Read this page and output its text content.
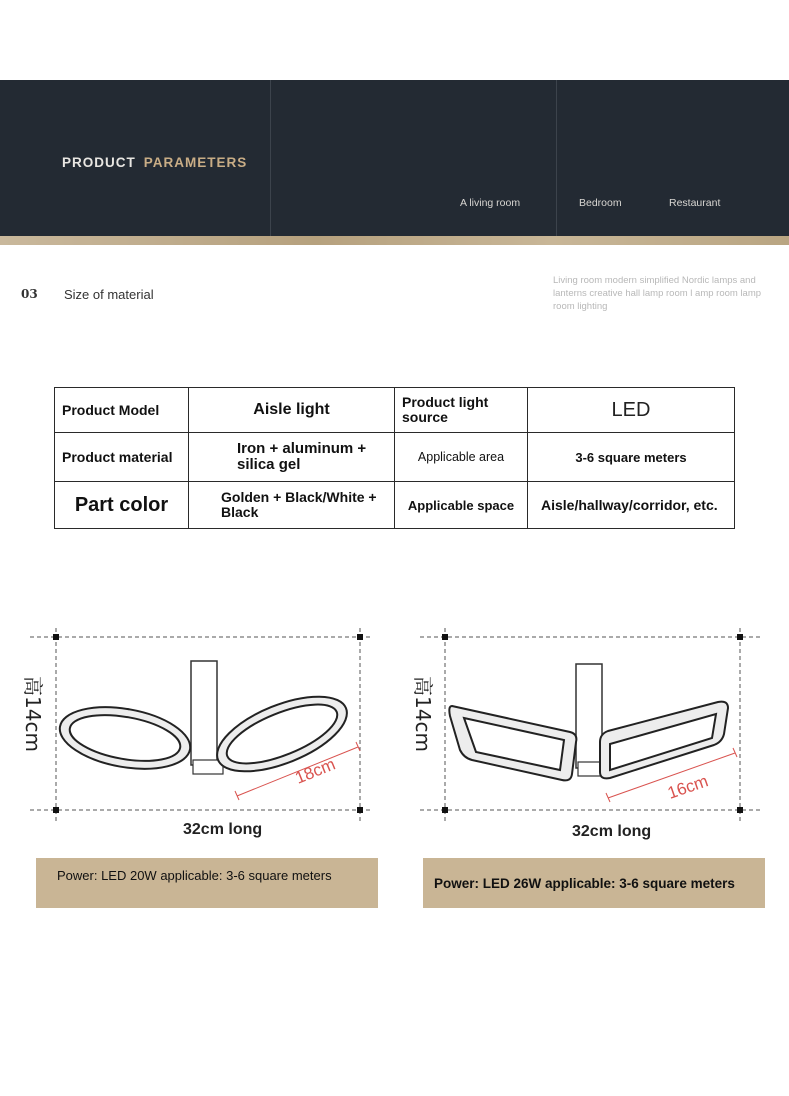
PRODUCT PARAMETERS
A living room	Bedroom	Restaurant
03 Size of material
Living room modern simplified Nordic lamps and lanterns creative hall lamp room l amp room lamp room lighting
Product Model	Aisle light	Product light source	LED
Product material	Iron + aluminum + silica gel	Applicable area	3-6 square meters
Part color	Golden + Black/White + Black	Applicable space	Aisle/hallway/corridor, etc.
18cm
高14cm
32cm long
16cm
高14cm
32cm long
Power: LED 20W applicable: 3-6 square meters	Power: LED 26W applicable: 3-6 square meters
